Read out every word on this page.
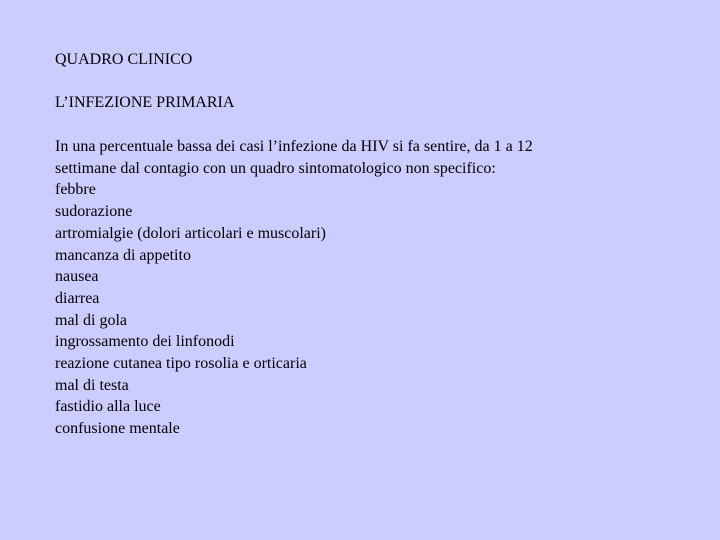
QUADRO CLINICO
L’INFEZIONE PRIMARIA
In una percentuale bassa dei casi l’infezione da HIV si fa sentire, da 1 a 12
settimane dal contagio con un quadro sintomatologico non specifico:
febbre
sudorazione
artromialgie (dolori articolari e muscolari)
mancanza di appetito
nausea
diarrea
mal di gola
ingrossamento dei linfonodi
reazione cutanea tipo rosolia e orticaria
mal di testa
fastidio alla luce
confusione mentale
